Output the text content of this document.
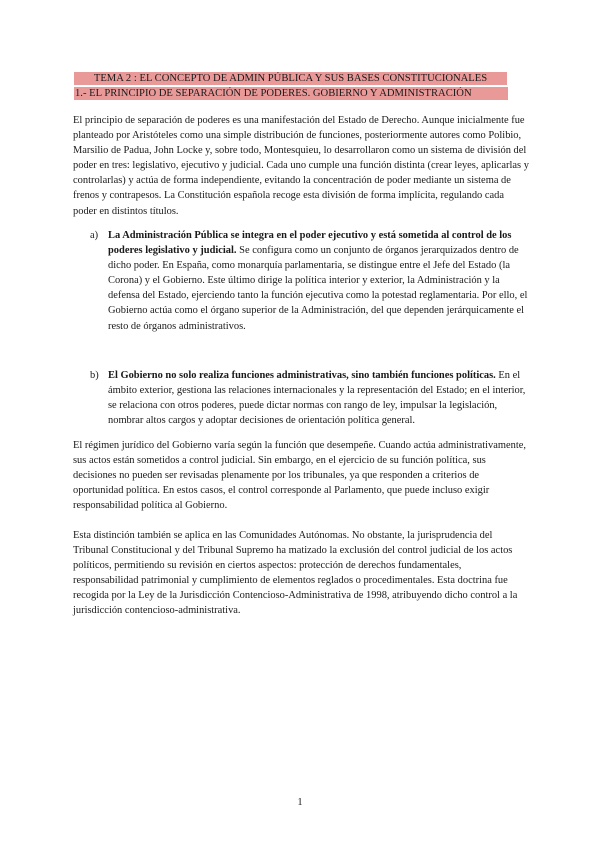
TEMA 2 : EL CONCEPTO DE ADMIN PÚBLICA Y SUS BASES CONSTITUCIONALES
1.- EL PRINCIPIO DE SEPARACIÓN DE PODERES. GOBIERNO Y ADMINISTRACIÓN

El principio de separación de poderes es una manifestación del Estado de Derecho. Aunque inicialmente fue planteado por Aristóteles como una simple distribución de funciones, posteriormente autores como Polibio, Marsilio de Padua, John Locke y, sobre todo, Montesquieu, lo desarrollaron como un sistema de división del poder en tres: legislativo, ejecutivo y judicial. Cada uno cumple una función distinta (crear leyes, aplicarlas y controlarlas) y actúa de forma independiente, evitando la concentración de poder mediante un sistema de frenos y contrapesos. La Constitución española recoge esta división de forma implícita, regulando cada poder en distintos títulos.

a) La Administración Pública se integra en el poder ejecutivo y está sometida al control de los poderes legislativo y judicial. Se configura como un conjunto de órganos jerarquizados dentro de dicho poder. En España, como monarquía parlamentaria, se distingue entre el Jefe del Estado (la Corona) y el Gobierno. Este último dirige la política interior y exterior, la Administración y la defensa del Estado, ejerciendo tanto la función ejecutiva como la potestad reglamentaria. Por ello, el Gobierno actúa como el órgano superior de la Administración, del que dependen jerárquicamente el resto de órganos administrativos.

b) El Gobierno no solo realiza funciones administrativas, sino también funciones políticas. En el ámbito exterior, gestiona las relaciones internacionales y la representación del Estado; en el interior, se relaciona con otros poderes, puede dictar normas con rango de ley, impulsar la legislación, nombrar altos cargos y adoptar decisiones de orientación política general.

El régimen jurídico del Gobierno varía según la función que desempeñe. Cuando actúa administrativamente, sus actos están sometidos a control judicial. Sin embargo, en el ejercicio de su función política, sus decisiones no pueden ser revisadas plenamente por los tribunales, ya que responden a criterios de oportunidad política. En estos casos, el control corresponde al Parlamento, que puede incluso exigir responsabilidad política al Gobierno.

Esta distinción también se aplica en las Comunidades Autónomas. No obstante, la jurisprudencia del Tribunal Constitucional y del Tribunal Supremo ha matizado la exclusión del control judicial de los actos políticos, permitiendo su revisión en ciertos aspectos: protección de derechos fundamentales, responsabilidad patrimonial y cumplimiento de elementos reglados o procedimentales. Esta doctrina fue recogida por la Ley de la Jurisdicción Contencioso-Administrativa de 1998, atribuyendo dicho control a la jurisdicción contencioso-administrativa.

1
